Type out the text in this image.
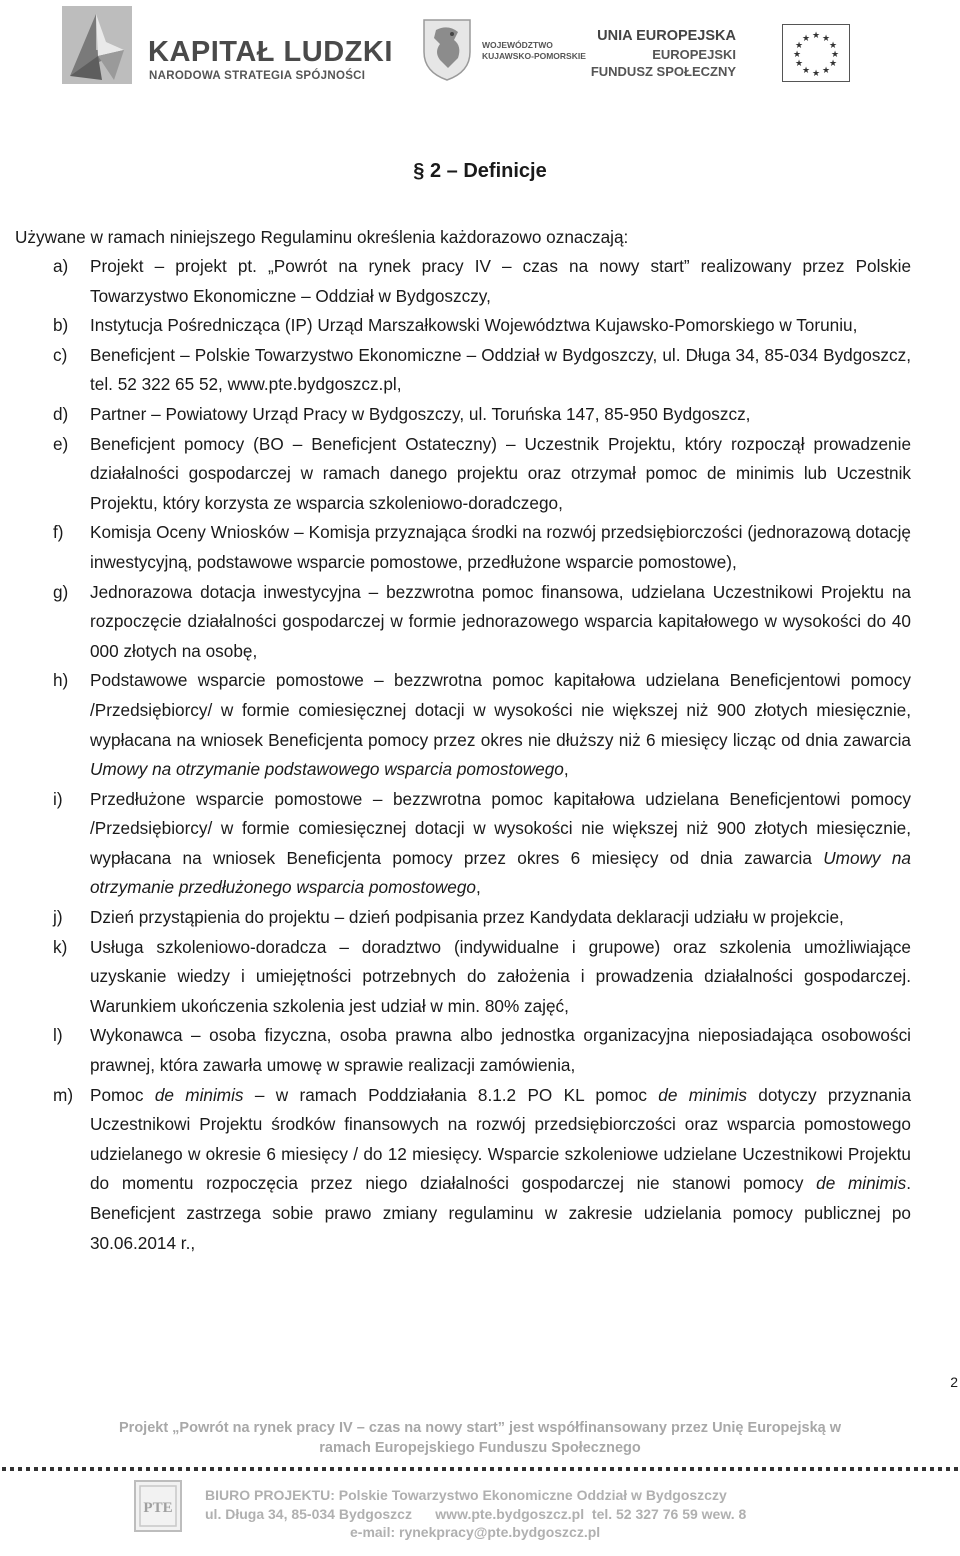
KAPITAŁ LUDZKI
NARODOWA STRATEGIA SPÓJNOŚCI
WOJEWÓDZTWO
KUJAWSKO-POMORSKIE
UNIA EUROPEJSKA
EUROPEJSKI
FUNDUSZ SPOŁECZNY
★ ★
★
★
★
★
★
★
★
★
★
★
§ 2 – Definicje
Używane w ramach niniejszego Regulaminu określenia każdorazowo oznaczają:
a) Projekt – projekt pt. „Powrót na rynek pracy IV – czas na nowy start” realizowany przez Polskie Towarzystwo Ekonomiczne – Oddział w Bydgoszczy,
b) Instytucja Pośrednicząca (IP) Urząd Marszałkowski Województwa Kujawsko-Pomorskiego w Toruniu,
c) Beneficjent – Polskie Towarzystwo Ekonomiczne – Oddział w Bydgoszczy, ul. Długa 34, 85-034 Bydgoszcz, tel. 52 322 65 52, www.pte.bydgoszcz.pl,
d) Partner – Powiatowy Urząd Pracy w Bydgoszczy, ul. Toruńska 147, 85-950 Bydgoszcz,
e) Beneficjent pomocy (BO – Beneficjent Ostateczny) – Uczestnik Projektu, który rozpoczął prowadzenie działalności gospodarczej w ramach danego projektu oraz otrzymał pomoc de minimis lub Uczestnik Projektu, który korzysta ze wsparcia szkoleniowo-doradczego,
f) Komisja Oceny Wniosków – Komisja przyznająca środki na rozwój przedsiębiorczości (jednorazową dotację inwestycyjną, podstawowe wsparcie pomostowe, przedłużone wsparcie pomostowe),
g) Jednorazowa dotacja inwestycyjna – bezzwrotna pomoc finansowa, udzielana Uczestnikowi Projektu na rozpoczęcie działalności gospodarczej w formie jednorazowego wsparcia kapitałowego w wysokości do 40 000 złotych na osobę,
h) Podstawowe wsparcie pomostowe – bezzwrotna pomoc kapitałowa udzielana Beneficjentowi pomocy /Przedsiębiorcy/ w formie comiesięcznej dotacji w wysokości nie większej niż 900 złotych miesięcznie, wypłacana na wniosek Beneficjenta pomocy przez okres nie dłuższy niż 6 miesięcy licząc od dnia zawarcia Umowy na otrzymanie podstawowego wsparcia pomostowego,
i) Przedłużone wsparcie pomostowe – bezzwrotna pomoc kapitałowa udzielana Beneficjentowi pomocy /Przedsiębiorcy/ w formie comiesięcznej dotacji w wysokości nie większej niż 900 złotych miesięcznie, wypłacana na wniosek Beneficjenta pomocy przez okres 6 miesięcy od dnia zawarcia Umowy na otrzymanie przedłużonego wsparcia pomostowego,
j) Dzień przystąpienia do projektu – dzień podpisania przez Kandydata deklaracji udziału w projekcie,
k) Usługa szkoleniowo-doradcza – doradztwo (indywidualne i grupowe) oraz szkolenia umożliwiające uzyskanie wiedzy i umiejętności potrzebnych do założenia i prowadzenia działalności gospodarczej. Warunkiem ukończenia szkolenia jest udział w min. 80% zajęć,
l) Wykonawca – osoba fizyczna, osoba prawna albo jednostka organizacyjna nieposiadająca osobowości prawnej, która zawarła umowę w sprawie realizacji zamówienia,
m) Pomoc de minimis – w ramach Poddziałania 8.1.2 PO KL pomoc de minimis dotyczy przyznania Uczestnikowi Projektu środków finansowych na rozwój przedsiębiorczości oraz wsparcia pomostowego udzielanego w okresie 6 miesięcy / do 12 miesięcy. Wsparcie szkoleniowe udzielane Uczestnikowi Projektu do momentu rozpoczęcia przez niego działalności gospodarczej nie stanowi pomocy de minimis. Beneficjent zastrzega sobie prawo zmiany regulaminu w zakresie udzielania pomocy publicznej po 30.06.2014 r.,
2
Projekt „Powrót na rynek pracy IV – czas na nowy start” jest współfinansowany przez Unię Europejską w
ramach Europejskiego Funduszu Społecznego
PTE
BIURO PROJEKTU: Polskie Towarzystwo Ekonomiczne Oddział w Bydgoszczy
ul. Długa 34, 85-034 Bydgoszcz      www.pte.bydgoszcz.pl  tel. 52 327 76 59 wew. 8
e-mail: rynekpracy@pte.bydgoszcz.pl
